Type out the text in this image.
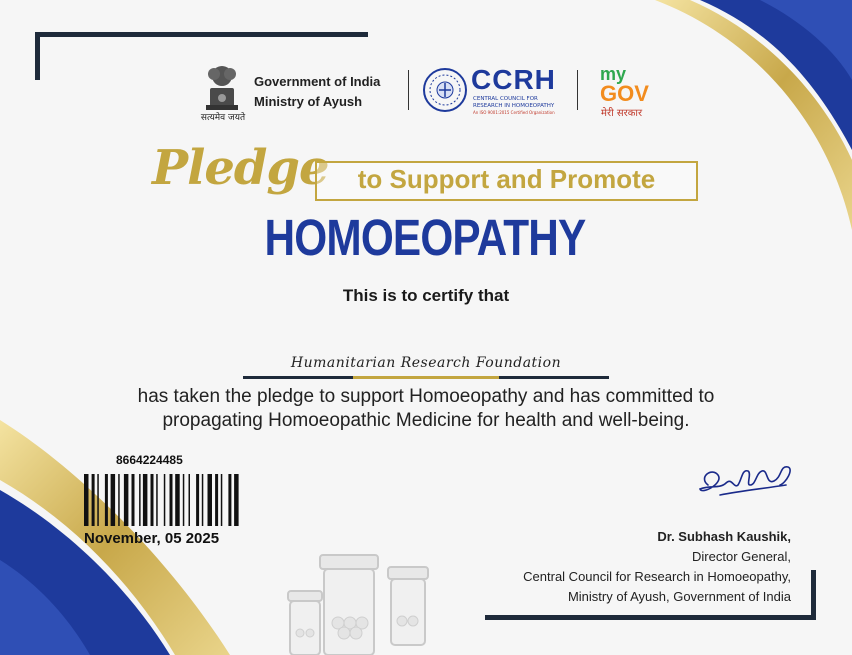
सत्यमेव जयते
Government of India
Ministry of Ayush
CCRH
CENTRAL COUNCIL FOR RESEARCH IN HOMOEOPATHY
An ISO 9001:2015 Certified Organization
my
GOV
मेरी सरकार
Pledge	to Support and Promote
HOMOEOPATHY
This is to certify that
Humanitarian Research Foundation
has taken the pledge to support Homoeopathy and has committed to
propagating Homoeopathic Medicine for health and well-being.
8664224485
November, 05 2025	Dr. Subhash Kaushik,
Director General,
Central Council for Research in Homoeopathy,
Ministry of Ayush, Government of India
